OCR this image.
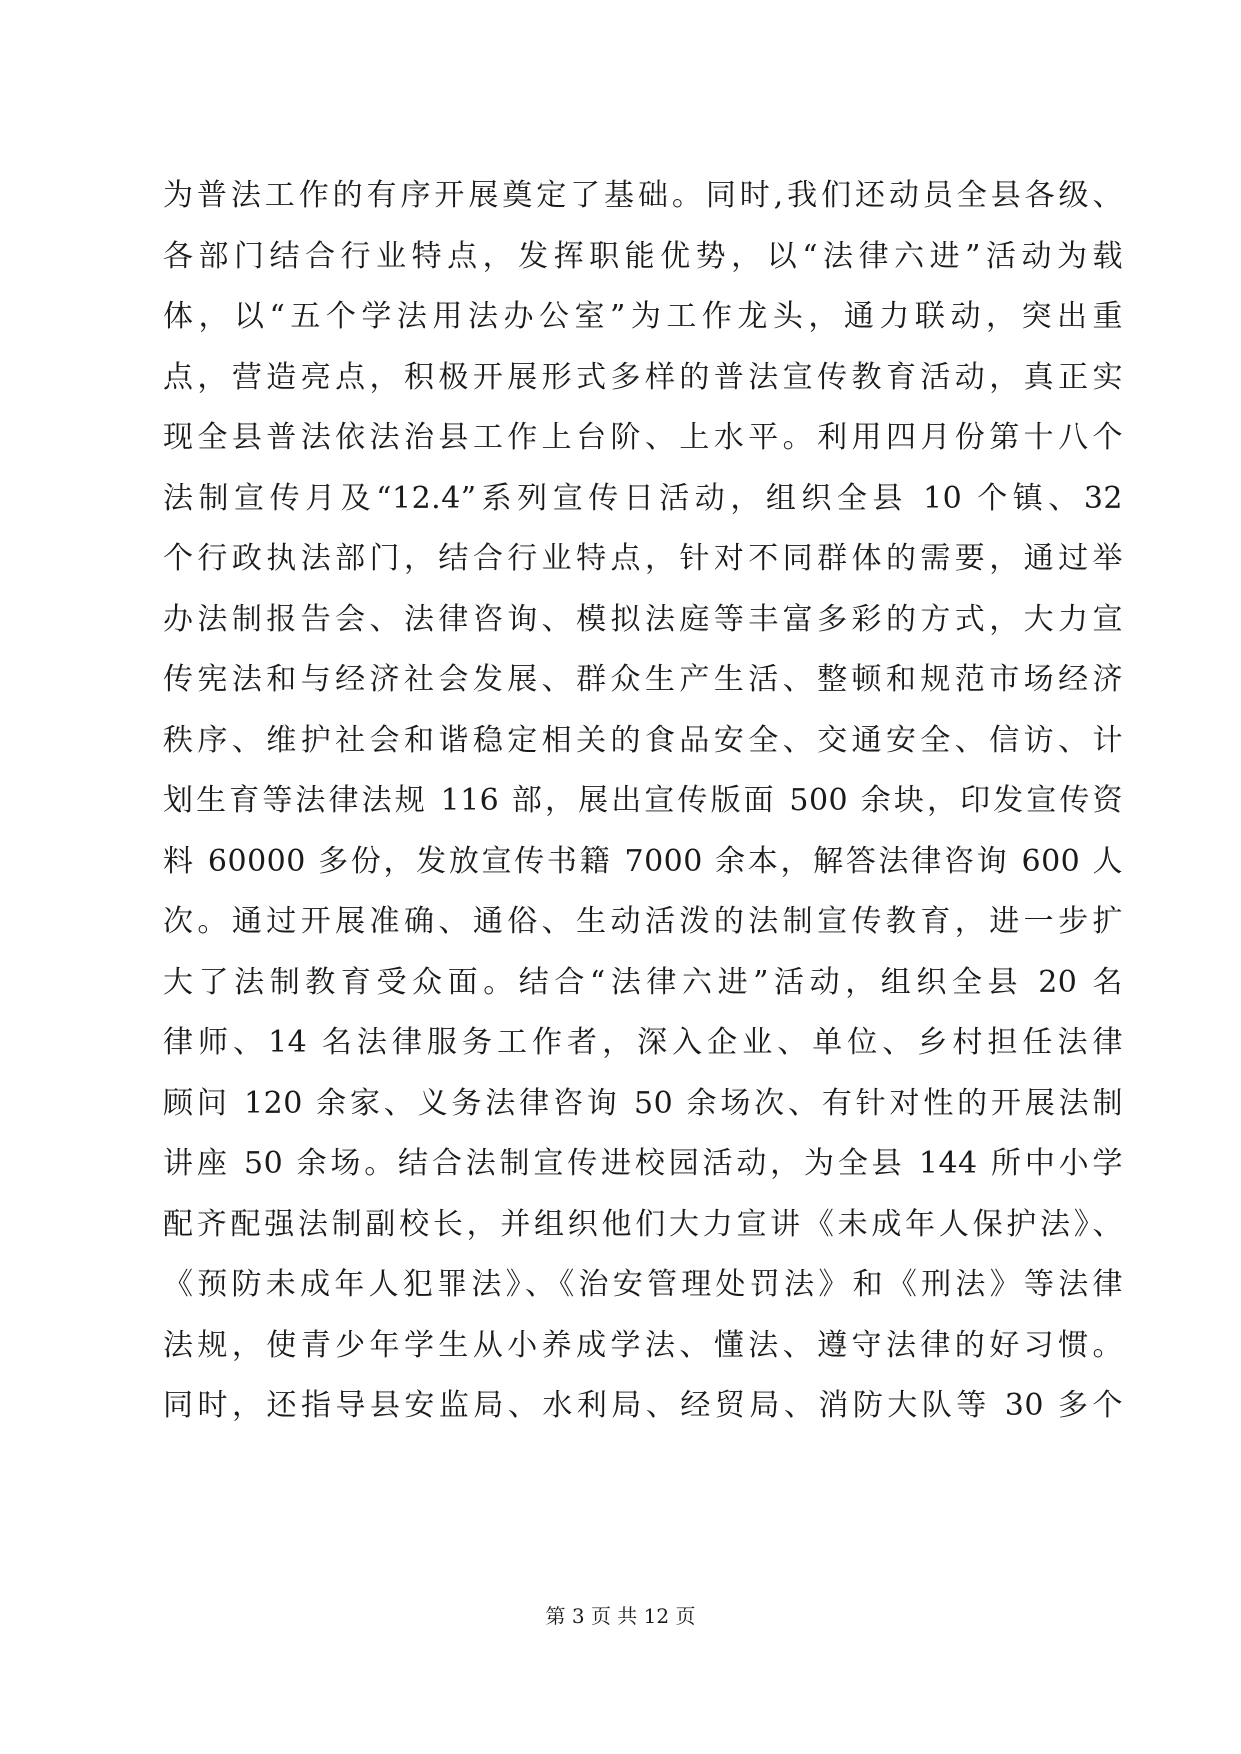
为普法工作的有序开展奠定了基础。同时,我们还动员全县各级、
各部门结合行业特点，发挥职能优势，以“法律六进”活动为载
体，以“五个学法用法办公室”为工作龙头，通力联动，突出重
点，营造亮点，积极开展形式多样的普法宣传教育活动，真正实
现全县普法依法治县工作上台阶、上水平。利用四月份第十八个
法制宣传月及“12.4”系列宣传日活动，组织全县 10 个镇、32
个行政执法部门，结合行业特点，针对不同群体的需要，通过举
办法制报告会、法律咨询、模拟法庭等丰富多彩的方式，大力宣
传宪法和与经济社会发展、群众生产生活、整顿和规范市场经济
秩序、维护社会和谐稳定相关的食品安全、交通安全、信访、计
划生育等法律法规 116 部，展出宣传版面 500 余块，印发宣传资
料 60000 多份，发放宣传书籍 7000 余本，解答法律咨询 600 人
次。通过开展准确、通俗、生动活泼的法制宣传教育，进一步扩
大了法制教育受众面。结合“法律六进”活动，组织全县 20 名
律师、14 名法律服务工作者，深入企业、单位、乡村担任法律
顾问 120 余家、义务法律咨询 50 余场次、有针对性的开展法制
讲座 50 余场。结合法制宣传进校园活动，为全县 144 所中小学
配齐配强法制副校长，并组织他们大力宣讲《未成年人保护法》、
《预防未成年人犯罪法》、《治安管理处罚法》和《刑法》等法律
法规，使青少年学生从小养成学法、懂法、遵守法律的好习惯。
同时，还指导县安监局、水利局、经贸局、消防大队等 30 多个
第 3 页 共 12 页
